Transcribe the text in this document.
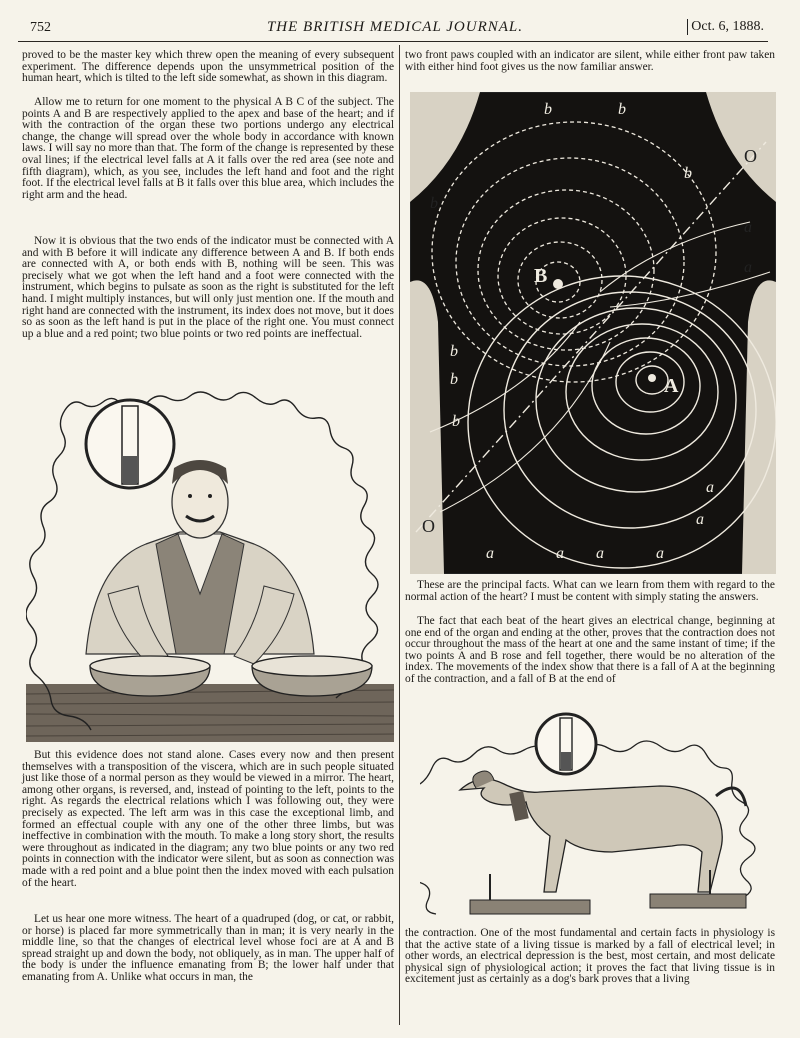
752	THE BRITISH MEDICAL JOURNAL.	Oct. 6, 1888.

proved to be the master key which threw open the meaning of every subsequent experiment. The difference depends upon the unsymmetrical position of the human heart, which is tilted to the left side somewhat, as shown in this diagram.

Allow me to return for one moment to the physical A B C of the subject. The points A and B are respectively applied to the apex and base of the heart; and if with the contraction of the organ these two portions undergo any electrical change, the change will spread over the whole body in accordance with known laws. I will say no more than that. The form of the change is represented by these oval lines; if the electrical level falls at A it falls over the red area (see note and fifth diagram), which, as you see, includes the left hand and foot and the right foot. If the electrical level falls at B it falls over this blue area, which includes the right arm and the head.

Now it is obvious that the two ends of the indicator must be connected with A and with B before it will indicate any difference between A and B. If both ends are connected with A, or both ends with B, nothing will be seen. This was precisely what we got when the left hand and a foot were connected with the instrument, which begins to pulsate as soon as the right is substituted for the left hand. I might multiply instances, but will only just mention one. If the mouth and right hand are connected with the instrument, its index does not move, but it does so as soon as the left hand is put in the place of the right one. You must connect up a blue and a red point; two blue points or two red points are ineffectual.

But this evidence does not stand alone. Cases every now and then present themselves with a transposition of the viscera, which are in such people situated just like those of a normal person as they would be viewed in a mirror. The heart, among other organs, is reversed, and, instead of pointing to the left, points to the right. As regards the electrical relations which I was following out, they were precisely as expected. The left arm was in this case the exceptional limb, and formed an effectual couple with any one of the other three limbs, but was ineffective in combination with the mouth. To make a long story short, the results were throughout as indicated in the diagram; any two blue points or any two red points in connection with the indicator were silent, but as soon as connection was made with a red point and a blue point then the index moved with each pulsation of the heart.

Let us hear one more witness. The heart of a quadruped (dog, or cat, or rabbit, or horse) is placed far more symmetrically than in man; it is very nearly in the middle line, so that the changes of electrical level whose foci are at A and B spread straight up and down the body, not obliquely, as in man. The upper half of the body is under the influence emanating from B; the lower half under that emanating from A. Unlike what occurs in man, the

two front paws coupled with an indicator are silent, while either front paw taken with either hind foot gives us the now familiar answer.

B
A
O
O
b	b
b
b
b
b
b
a
a
a
a
a	a a	a

These are the principal facts. What can we learn from them with regard to the normal action of the heart? I must be content with simply stating the answers.

The fact that each beat of the heart gives an electrical change, beginning at one end of the organ and ending at the other, proves that the contraction does not occur throughout the mass of the heart at one and the same instant of time; if the two points A and B rose and fell together, there would be no alteration of the index. The movements of the index show that there is a fall of A at the beginning of the contraction, and a fall of B at the end of

the contraction. One of the most fundamental and certain facts in physiology is that the active state of a living tissue is marked by a fall of electrical level; in other words, an electrical depression is the best, most certain, and most delicate physical sign of physiological action; it proves the fact that living tissue is in excitement just as certainly as a dog's bark proves that a living
